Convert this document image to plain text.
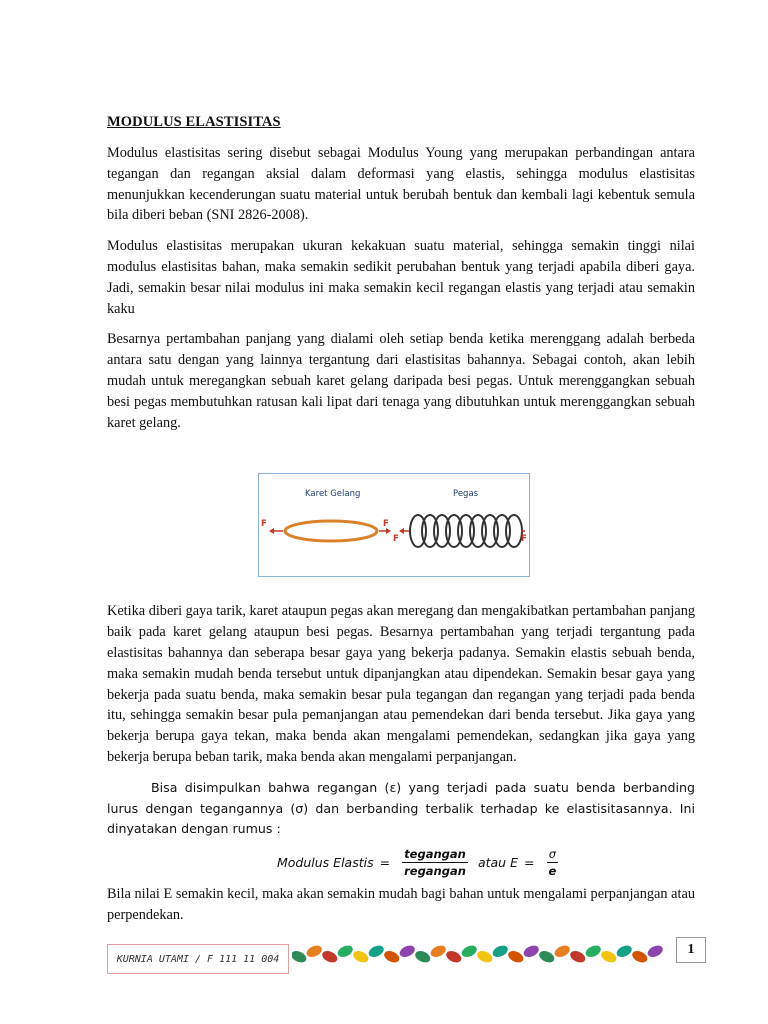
MODULUS ELASTISITAS

Modulus elastisitas sering disebut sebagai Modulus Young yang merupakan perbandingan antara tegangan dan regangan aksial dalam deformasi yang elastis, sehingga modulus elastisitas menunjukkan kecenderungan suatu material untuk berubah bentuk dan kembali lagi kebentuk semula bila diberi beban (SNI 2826-2008).

Modulus elastisitas merupakan ukuran kekakuan suatu material, sehingga semakin tinggi nilai modulus elastisitas bahan, maka semakin sedikit perubahan bentuk yang terjadi apabila diberi gaya. Jadi, semakin besar nilai modulus ini maka semakin kecil regangan elastis yang terjadi atau semakin kaku

Besarnya pertambahan panjang yang dialami oleh setiap benda ketika merenggang adalah berbeda antara satu dengan yang lainnya tergantung dari elastisitas bahannya. Sebagai contoh, akan lebih mudah untuk meregangkan sebuah karet gelang daripada besi pegas. Untuk merenggangkan sebuah besi pegas membutuhkan ratusan kali lipat dari tenaga yang dibutuhkan untuk merenggangkan sebuah karet gelang.

Karet Gelang	Pegas
F	F
F	F

Ketika diberi gaya tarik, karet ataupun pegas akan meregang dan mengakibatkan pertambahan panjang baik pada karet gelang ataupun besi pegas. Besarnya pertambahan yang terjadi tergantung pada elastisitas bahannya dan seberapa besar gaya yang bekerja padanya. Semakin elastis sebuah benda, maka semakin mudah benda tersebut untuk dipanjangkan atau dipendekan. Semakin besar gaya yang bekerja pada suatu benda, maka semakin besar pula tegangan dan regangan yang terjadi pada benda itu, sehingga semakin besar pula pemanjangan atau pemendekan dari benda tersebut. Jika gaya yang bekerja berupa gaya tekan, maka benda akan mengalami pemendekan, sedangkan jika gaya yang bekerja berupa beban tarik, maka benda akan mengalami perpanjangan.

Bisa disimpulkan bahwa regangan (ε) yang terjadi pada suatu benda berbanding lurus dengan tegangannya (σ) dan berbanding terbalik terhadap ke elastisitasannya. Ini dinyatakan dengan rumus :

Modulus Elastis = $\frac{\text{tegangan}}{\text{regangan}}$ atau $E = \frac{\sigma}{e}$

Bila nilai E semakin kecil, maka akan semakin mudah bagi bahan untuk mengalami perpanjangan atau perpendekan.

KURNIA UTAMI / F 111 11 004
1
